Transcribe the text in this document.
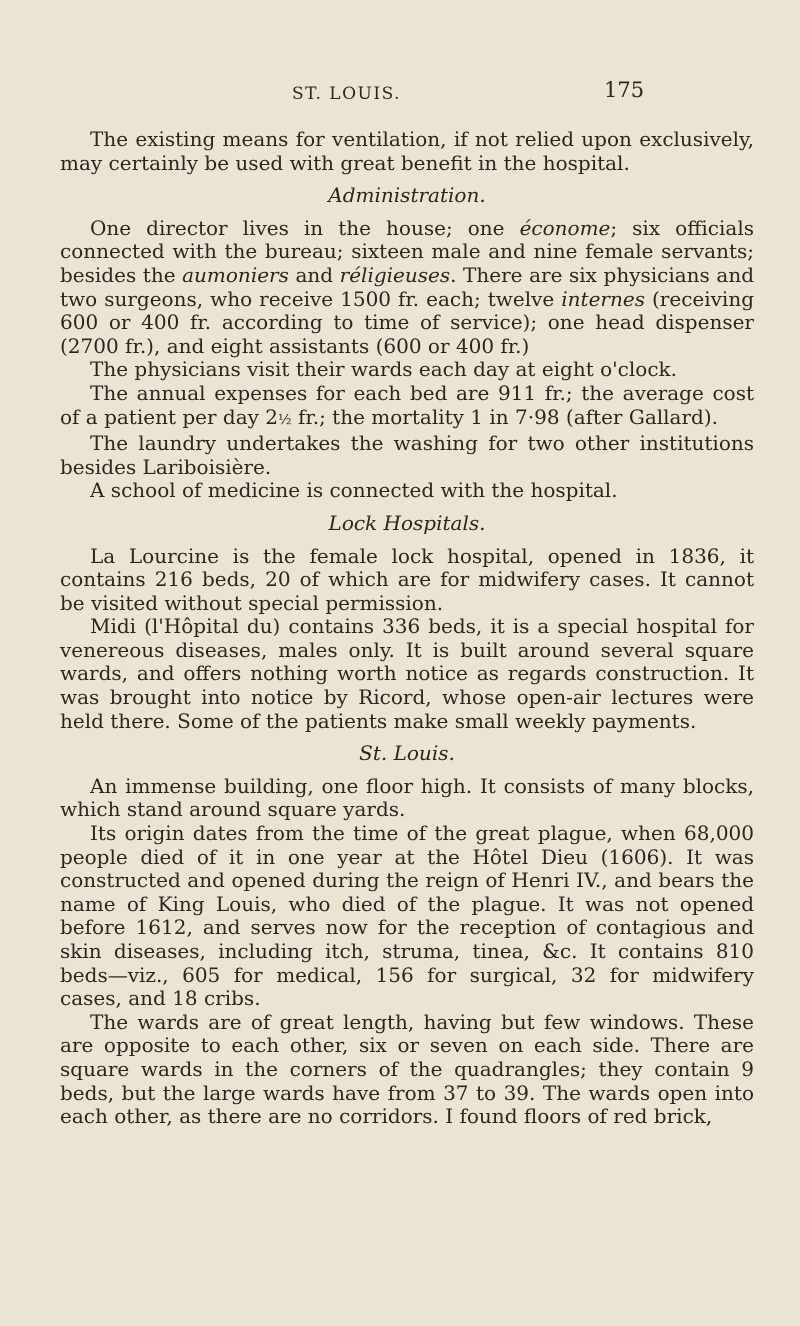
ST. LOUIS.	175

The existing means for ventilation, if not relied upon exclusively, may certainly be used with great benefit in the hospital.

Administration.

One director lives in the house; one économe; six officials connected with the bureau; sixteen male and nine female servants; besides the aumoniers and réligieuses. There are six physicians and two surgeons, who receive 1500 fr. each; twelve internes (receiving 600 or 400 fr. according to time of service); one head dispenser (2700 fr.), and eight assistants (600 or 400 fr.)

The physicians visit their wards each day at eight o'clock.

The annual expenses for each bed are 911 fr.; the average cost of a patient per day 2½ fr.; the mortality 1 in 7·98 (after Gallard).

The laundry undertakes the washing for two other institutions besides Lariboisière.

A school of medicine is connected with the hospital.

Lock Hospitals.

La Lourcine is the female lock hospital, opened in 1836, it contains 216 beds, 20 of which are for midwifery cases. It cannot be visited without special permission.

Midi (l'Hôpital du) contains 336 beds, it is a special hospital for venereous diseases, males only. It is built around several square wards, and offers nothing worth notice as regards construction. It was brought into notice by Ricord, whose open-air lectures were held there. Some of the patients make small weekly payments.

St. Louis.

An immense building, one floor high. It consists of many blocks, which stand around square yards.

Its origin dates from the time of the great plague, when 68,000 people died of it in one year at the Hôtel Dieu (1606). It was constructed and opened during the reign of Henri IV., and bears the name of King Louis, who died of the plague. It was not opened before 1612, and serves now for the reception of contagious and skin diseases, including itch, struma, tinea, &c. It contains 810 beds—viz., 605 for medical, 156 for surgical, 32 for midwifery cases, and 18 cribs.

The wards are of great length, having but few windows. These are opposite to each other, six or seven on each side. There are square wards in the corners of the quadrangles; they contain 9 beds, but the large wards have from 37 to 39. The wards open into each other, as there are no corridors. I found floors of red brick,
